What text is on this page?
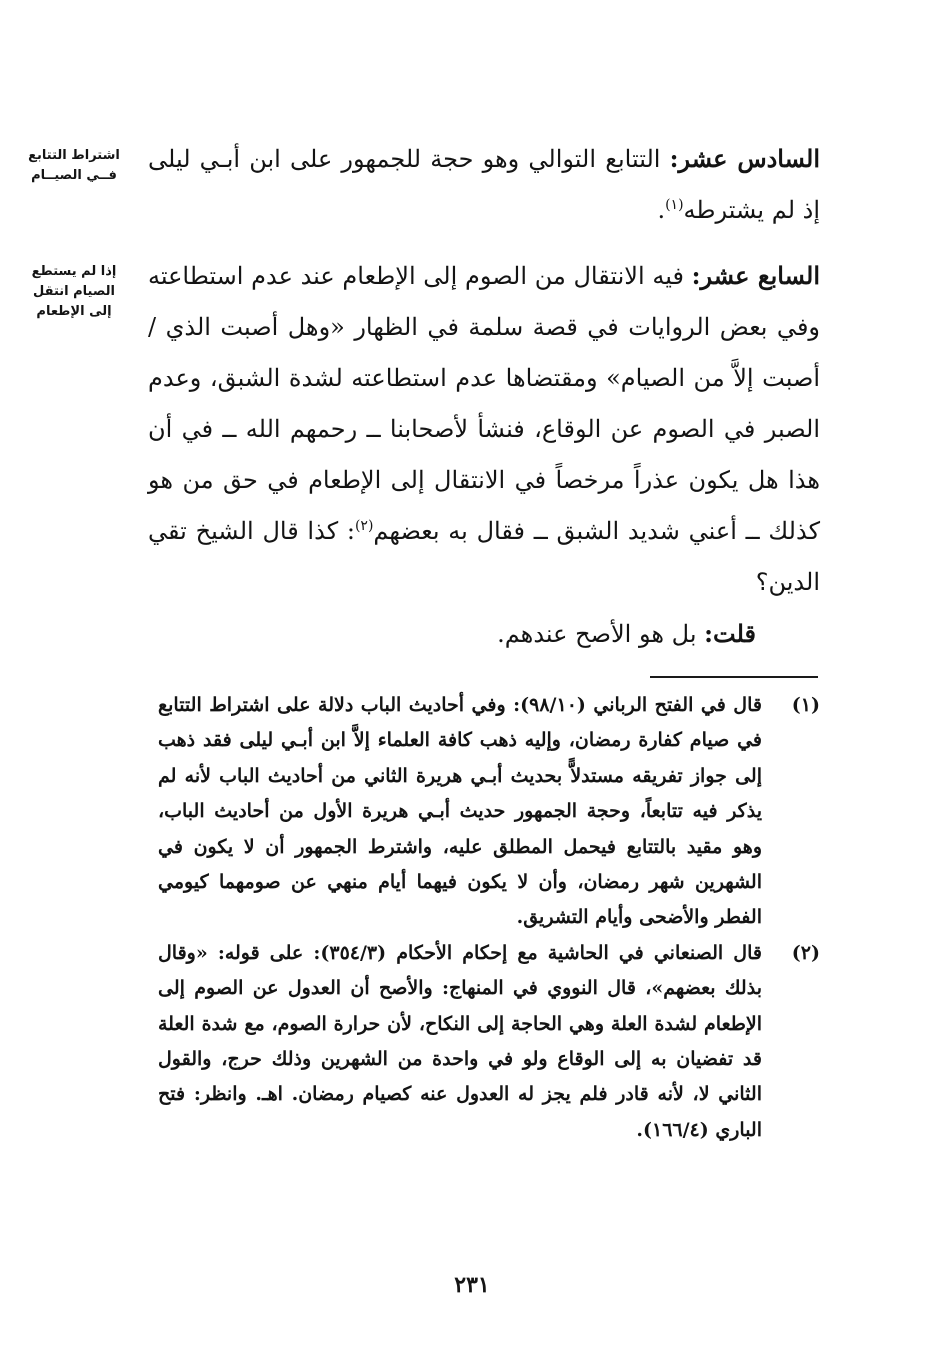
اشتراط التتابع
فــي الصيــام
إذا لم يستطع
الصيام انتقل
إلى الإطعام

السادس عشر: التتابع التوالي وهو حجة للجمهور على ابن أبـي ليلى إذ لم يشترطه$^{(١)}$.

السابع عشر: فيه الانتقال من الصوم إلى الإطعام عند عدم استطاعته وفي بعض الروايات في قصة سلمة في الظهار «وهل أصبت الذي / أصبت إلاَّ من الصيام» ومقتضاها عدم استطاعته لشدة الشبق، وعدم الصبر في الصوم عن الوقاع، فنشأ لأصحابنا ــ رحمهم الله ــ في أن هذا هل يكون عذراً مرخصاً في الانتقال إلى الإطعام في حق من هو كذلك ــ أعني شديد الشبق ــ فقال به بعضهم$^{(٢)}$: كذا قال الشيخ تقي الدين؟

قلت: بل هو الأصح عندهم.

(١)
قال في الفتح الرباني (٩٨/١٠): وفي أحاديث الباب دلالة على اشتراط التتابع في صيام كفارة رمضان، وإليه ذهب كافة العلماء إلاَّ ابن أبـي ليلى فقد ذهب إلى جواز تفريقه مستدلاًّ بحديث أبـي هريرة الثاني من أحاديث الباب لأنه لم يذكر فيه تتابعاً، وحجة الجمهور حديث أبـي هريرة الأول من أحاديث الباب، وهو مقيد بالتتابع فيحمل المطلق عليه، واشترط الجمهور أن لا يكون في الشهرين شهر رمضان، وأن لا يكون فيهما أيام منهي عن صومهما كيومي الفطر والأضحى وأيام التشريق.
(٢)
قال الصنعاني في الحاشية مع إحكام الأحكام (٣٥٤/٣): على قوله: «وقال بذلك بعضهم»، قال النووي في المنهاج: والأصح أن العدول عن الصوم إلى الإطعام لشدة العلة وهي الحاجة إلى النكاح، لأن حرارة الصوم، مع شدة العلة قد تفضيان به إلى الوقاع ولو في واحدة من الشهرين وذلك حرج، والقول الثاني لا، لأنه قادر فلم يجز له العدول عنه كصيام رمضان. اهـ. وانظر: فتح الباري (١٦٦/٤).
٢٣١
